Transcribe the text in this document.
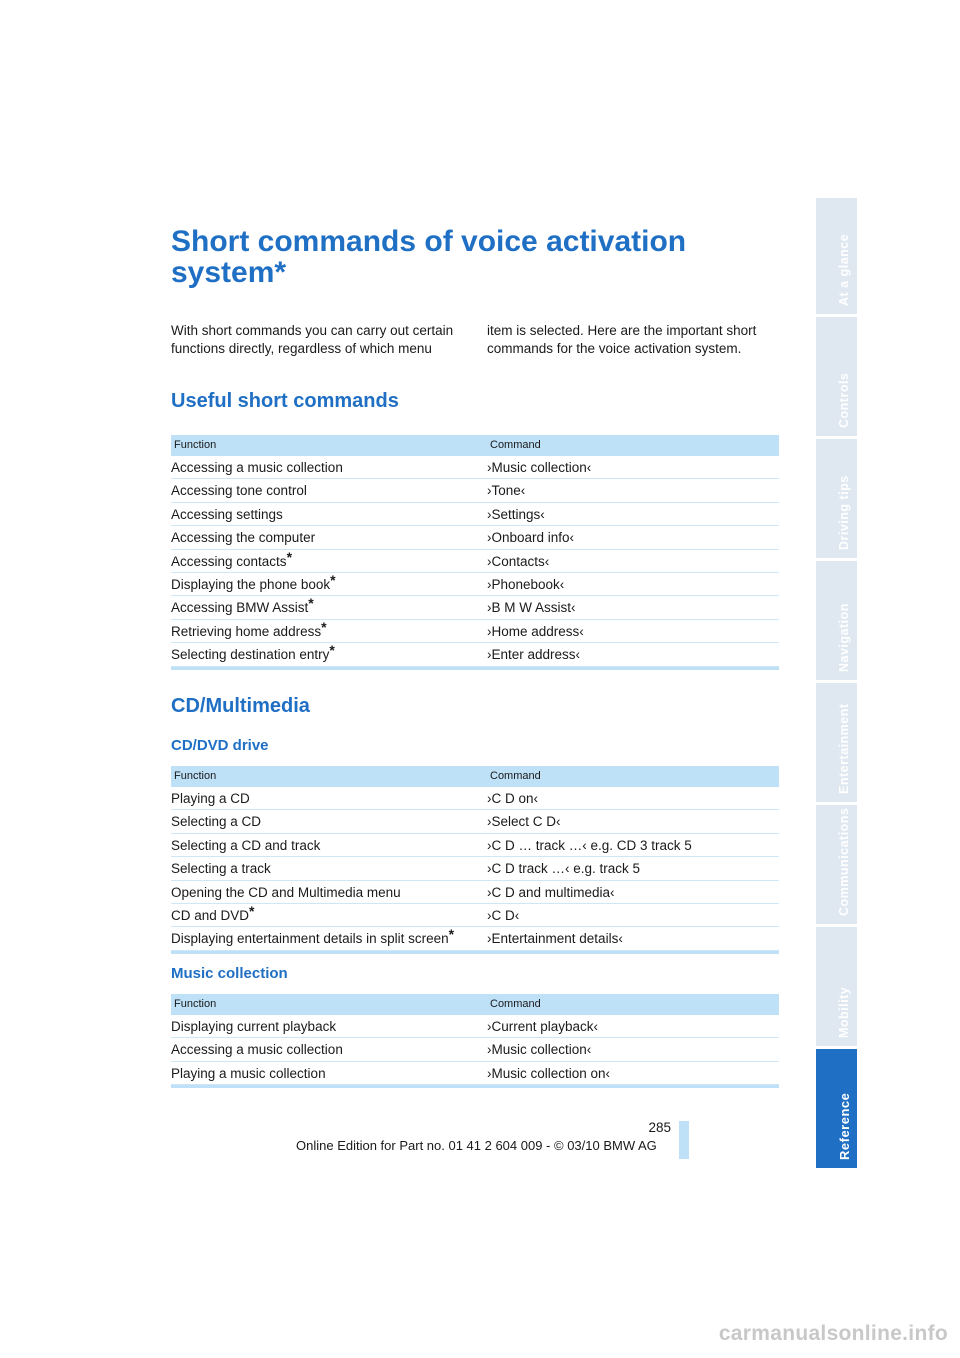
Short commands of voice activation system*

With short commands you can carry out certain functions directly, regardless of which menu

item is selected. Here are the important short commands for the voice activation system.

Useful short commands
Function	Command
Accessing a music collection	›Music collection‹
Accessing tone control	›Tone‹
Accessing settings	›Settings‹
Accessing the computer	›Onboard info‹
Accessing contacts*	›Contacts‹
Displaying the phone book*	›Phonebook‹
Accessing BMW Assist*	›B M W Assist‹
Retrieving home address*	›Home address‹
Selecting destination entry*	›Enter address‹
CD/Multimedia
CD/DVD drive
Function	Command
Playing a CD	›C D on‹
Selecting a CD	›Select C D‹
Selecting a CD and track	›C D … track …‹ e.g. CD 3 track 5
Selecting a track	›C D track …‹ e.g. track 5
Opening the CD and Multimedia menu	›C D and multimedia‹
CD and DVD*	›C D‹
Displaying entertainment details in split screen* ›Entertainment details‹
Music collection
Function	Command
Displaying current playback	›Current playback‹
Accessing a music collection	›Music collection‹
Playing a music collection	›Music collection on‹
At a glance
Controls
Driving tips
Navigation
Entertainment
Communications
Mobility
Reference
285
Online Edition for Part no. 01 41 2 604 009 - © 03/10 BMW AG
carmanualsonline.info
